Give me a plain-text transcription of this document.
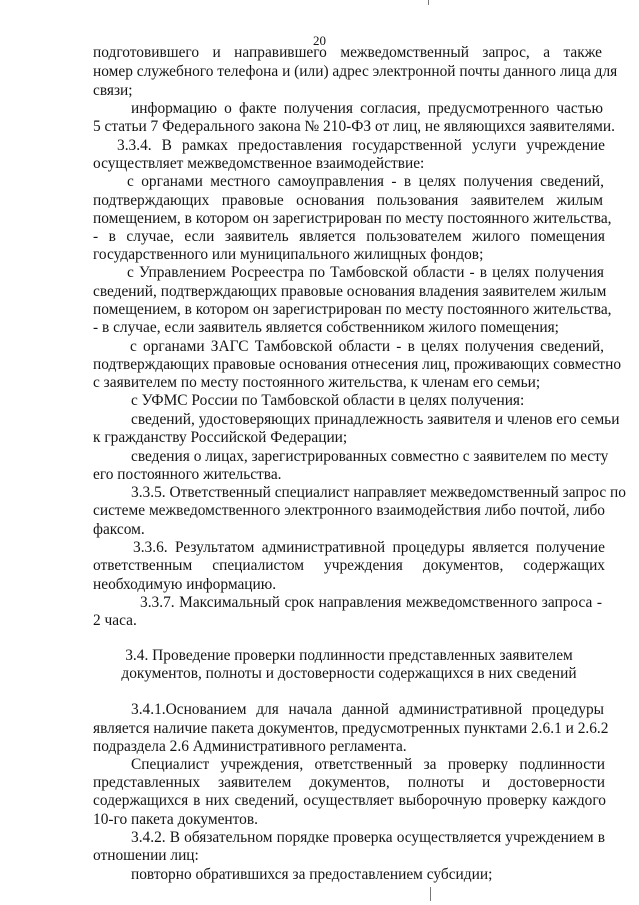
20
подготовившего и направившего межведомственный запрос, а также
номер служебного телефона и (или) адрес электронной почты данного лица для
связи;
информацию о факте получения согласия, предусмотренного частью
5 статьи 7 Федерального закона № 210-ФЗ от лиц, не являющихся заявителями.
3.3.4. В рамках предоставления государственной услуги учреждение
осуществляет межведомственное взаимодействие:
с органами местного самоуправления - в целях получения сведений,
подтверждающих правовые основания пользования заявителем жилым
помещением, в котором он зарегистрирован по месту постоянного жительства,
- в случае, если заявитель является пользователем жилого помещения
государственного или муниципального жилищных фондов;
с Управлением Росреестра по Тамбовской области - в целях получения
сведений, подтверждающих правовые основания владения заявителем жилым
помещением, в котором он зарегистрирован по месту постоянного жительства,
- в случае, если заявитель является собственником жилого помещения;
с органами ЗАГС Тамбовской области - в целях получения сведений,
подтверждающих правовые основания отнесения лиц, проживающих совместно
с заявителем по месту постоянного жительства, к членам его семьи;
с УФМС России по Тамбовской области в целях получения:
сведений, удостоверяющих принадлежность заявителя и членов его семьи
к гражданству Российской Федерации;
сведения о лицах, зарегистрированных совместно с заявителем по месту
его постоянного жительства.
3.3.5. Ответственный специалист направляет межведомственный запрос по
системе межведомственного электронного взаимодействия либо почтой, либо
факсом.
3.3.6. Результатом административной процедуры является получение
ответственным специалистом учреждения документов, содержащих
необходимую информацию.
3.3.7. Максимальный срок направления межведомственного запроса -
2 часа.
3.4. Проведение проверки подлинности представленных заявителем
документов, полноты и достоверности содержащихся в них сведений
3.4.1.Основанием для начала данной административной процедуры
является наличие пакета документов, предусмотренных пунктами 2.6.1 и 2.6.2
подраздела 2.6 Административного регламента.
Специалист учреждения, ответственный за проверку подлинности
представленных заявителем документов, полноты и достоверности
содержащихся в них сведений, осуществляет выборочную проверку каждого
10-го пакета документов.
3.4.2. В обязательном порядке проверка осуществляется учреждением в
отношении лиц:
повторно обратившихся за предоставлением субсидии;
